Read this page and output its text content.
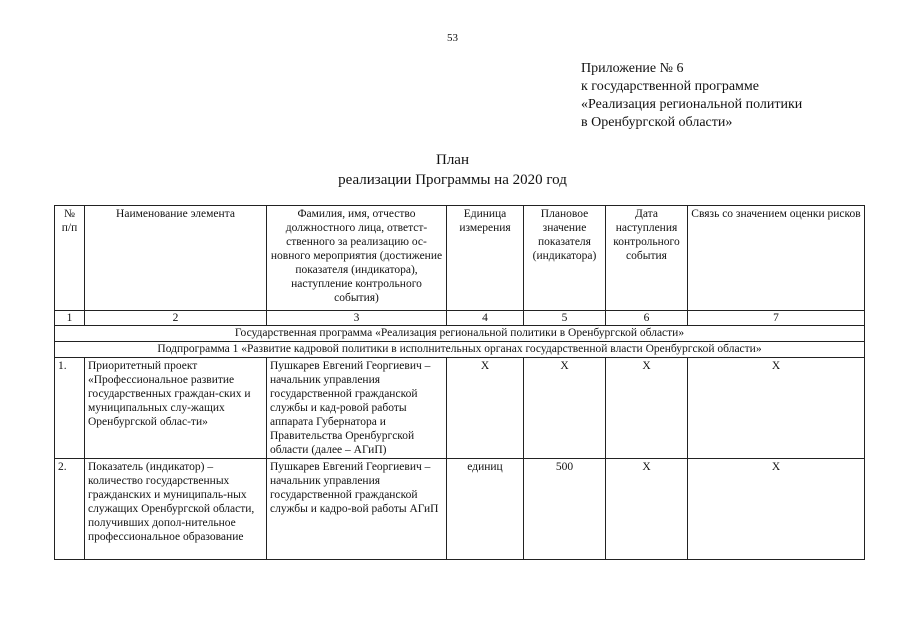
53
Приложение № 6
к государственной программе
«Реализация региональной политики
в Оренбургской области»
План
реализации Программы на 2020 год
№ п/п	Наименование элемента	Фамилия, имя, отчество должностного лица, ответст-ственного за реализацию ос-новного мероприятия (достижение показателя (индикатора), наступление контрольного события)	Единица измерения	Плановое значение показателя (индикатора)	Дата наступления контрольного события	Связь со значением оценки рисков
1	2	3	4	5	6	7
Государственная программа «Реализация региональной политики в Оренбургской области»						
Подпрограмма 1 «Развитие кадровой политики в исполнительных органах государственной власти Оренбургской области»						
1.	Приоритетный проект «Профессиональное развитие государственных граждан-ских и муниципальных слу-жащих Оренбургской облас-ти»	Пушкарев Евгений Георгиевич – начальник управления государственной гражданской службы и кад-ровой работы аппарата Губернатора и Правительства Оренбургской области (далее – АГиП)	Х	Х	Х	Х
2.	Показатель (индикатор) – количество государственных гражданских и муниципаль-ных служащих Оренбургской области, получивших допол-нительное профессиональное образование	Пушкарев Евгений Георгиевич – начальник управления государственной гражданской службы и кадро-вой работы АГиП	единиц	500	Х	Х
